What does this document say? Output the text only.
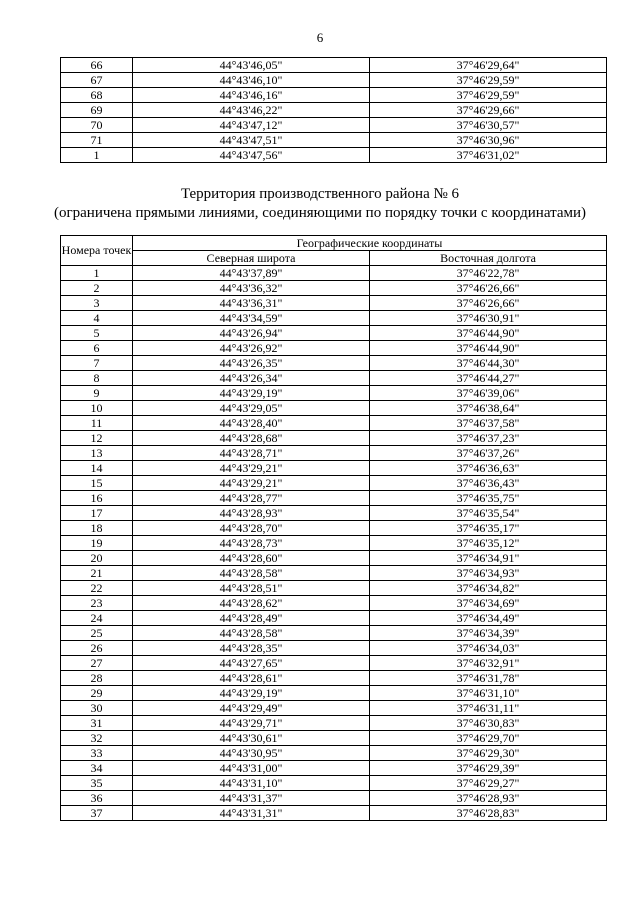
6
66	44°43'46,05"	37°46'29,64"
67	44°43'46,10"	37°46'29,59"
68	44°43'46,16"	37°46'29,59"
69	44°43'46,22"	37°46'29,66"
70	44°43'47,12"	37°46'30,57"
71	44°43'47,51"	37°46'30,96"
1	44°43'47,56"	37°46'31,02"
Территория производственного района № 6
(ограничена прямыми линиями, соединяющими по порядку точки с координатами)
Номера точек	Географические координаты	
	Северная широта	Восточная долгота
1	44°43'37,89"	37°46'22,78"
2	44°43'36,32"	37°46'26,66"
3	44°43'36,31"	37°46'26,66"
4	44°43'34,59"	37°46'30,91"
5	44°43'26,94"	37°46'44,90"
6	44°43'26,92"	37°46'44,90"
7	44°43'26,35"	37°46'44,30"
8	44°43'26,34"	37°46'44,27"
9	44°43'29,19"	37°46'39,06"
10	44°43'29,05"	37°46'38,64"
11	44°43'28,40"	37°46'37,58"
12	44°43'28,68"	37°46'37,23"
13	44°43'28,71"	37°46'37,26"
14	44°43'29,21"	37°46'36,63"
15	44°43'29,21"	37°46'36,43"
16	44°43'28,77"	37°46'35,75"
17	44°43'28,93"	37°46'35,54"
18	44°43'28,70"	37°46'35,17"
19	44°43'28,73"	37°46'35,12"
20	44°43'28,60"	37°46'34,91"
21	44°43'28,58"	37°46'34,93"
22	44°43'28,51"	37°46'34,82"
23	44°43'28,62"	37°46'34,69"
24	44°43'28,49"	37°46'34,49"
25	44°43'28,58"	37°46'34,39"
26	44°43'28,35"	37°46'34,03"
27	44°43'27,65"	37°46'32,91"
28	44°43'28,61"	37°46'31,78"
29	44°43'29,19"	37°46'31,10"
30	44°43'29,49"	37°46'31,11"
31	44°43'29,71"	37°46'30,83"
32	44°43'30,61"	37°46'29,70"
33	44°43'30,95"	37°46'29,30"
34	44°43'31,00"	37°46'29,39"
35	44°43'31,10"	37°46'29,27"
36	44°43'31,37"	37°46'28,93"
37	44°43'31,31"	37°46'28,83"
